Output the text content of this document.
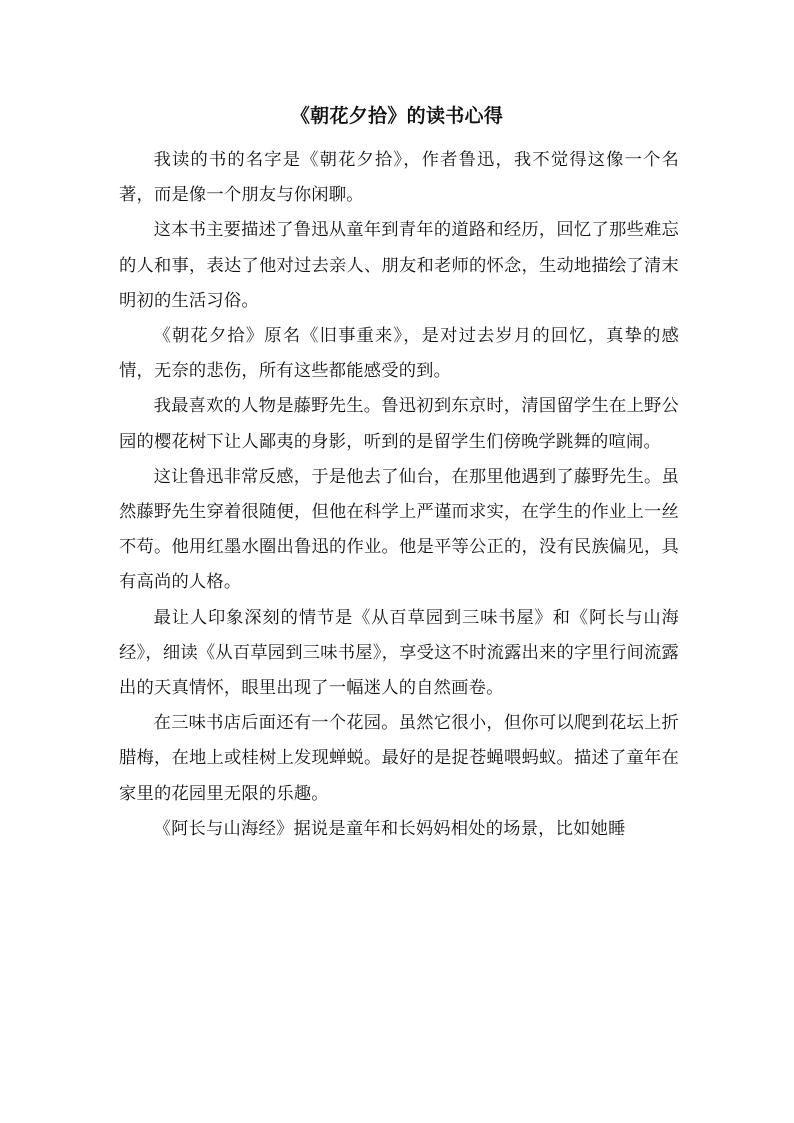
《朝花夕拾》的读书心得

我读的书的名字是《朝花夕拾》，作者鲁迅，我不觉得这像一个名著，而是像一个朋友与你闲聊。

这本书主要描述了鲁迅从童年到青年的道路和经历，回忆了那些难忘的人和事，表达了他对过去亲人、朋友和老师的怀念，生动地描绘了清末明初的生活习俗。

《朝花夕拾》原名《旧事重来》，是对过去岁月的回忆，真挚的感情，无奈的悲伤，所有这些都能感受的到。

我最喜欢的人物是藤野先生。鲁迅初到东京时，清国留学生在上野公园的樱花树下让人鄙夷的身影，听到的是留学生们傍晚学跳舞的喧闹。

这让鲁迅非常反感，于是他去了仙台，在那里他遇到了藤野先生。虽然藤野先生穿着很随便，但他在科学上严谨而求实，在学生的作业上一丝不苟。他用红墨水圈出鲁迅的作业。他是平等公正的，没有民族偏见，具有高尚的人格。

最让人印象深刻的情节是《从百草园到三味书屋》和《阿长与山海经》，细读《从百草园到三味书屋》，享受这不时流露出来的字里行间流露出的天真情怀，眼里出现了一幅迷人的自然画卷。

在三味书店后面还有一个花园。虽然它很小，但你可以爬到花坛上折腊梅，在地上或桂树上发现蝉蜕。最好的是捉苍蝇喂蚂蚁。描述了童年在家里的花园里无限的乐趣。

《阿长与山海经》据说是童年和长妈妈相处的场景，比如她睡
